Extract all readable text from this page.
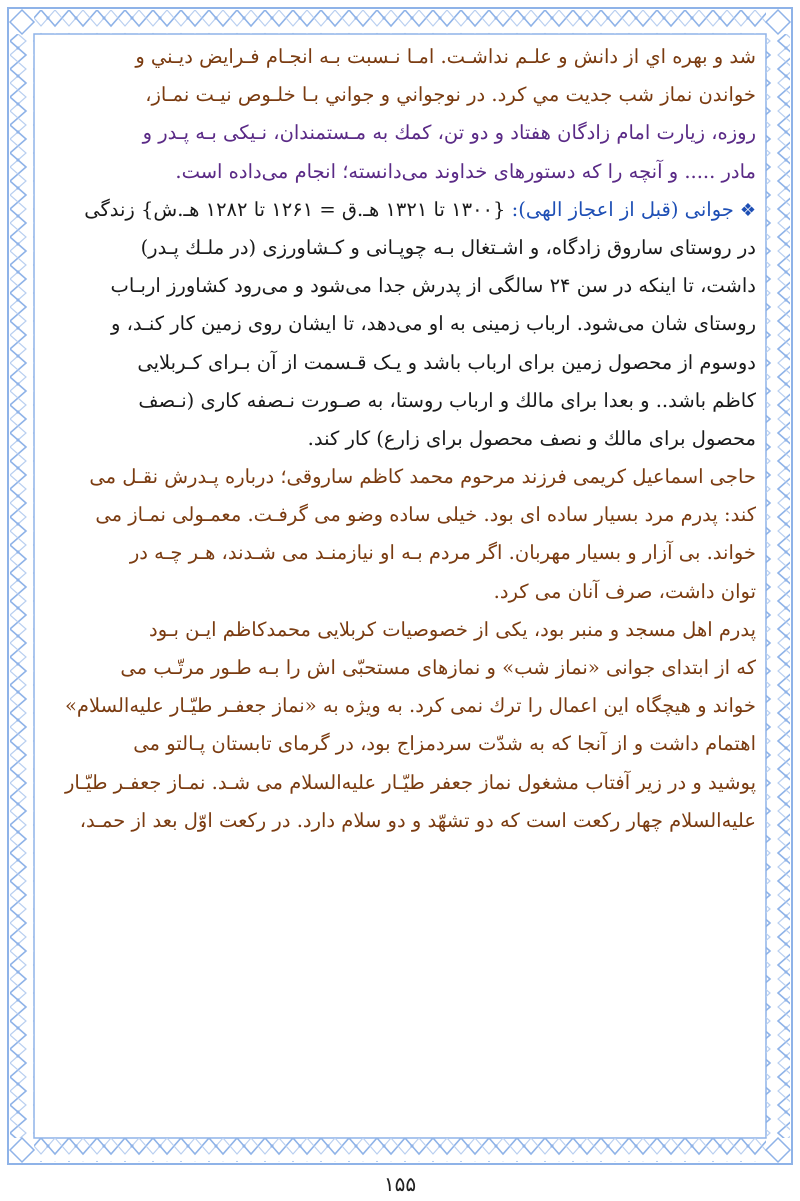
شد و بهره اي از دانش و علـم نداشـت. امـا نـسبت بـه انجـام فـرايض ديـني و
خواندن نماز شب جديت مي كرد. در نوجواني و جواني بـا خلـوص نيـت نمـاز،
روزه، زيارت امام زادگان هفتاد و دو تن، كمك به مـستمندان، نـيكى بـه پـدر و
مادر ..... و آنچه را که دستورهای خداوند می‌دانسته؛ انجام می‌داده است.
❖جوانی (قبل از اعجاز الهی): {۱۳۰۰ تا ۱۳۲۱ هـ.ق = ۱۲۶۱ تا ۱۲۸۲ هـ.ش} زندگی
در روستای ساروق زادگاه، و اشـتغال بـه چوپـانی و كـشاورزی (در ملـك پـدر)
داشت، تا اینکه در سن ۲۴ سالگی از پدرش جدا می‌شود و می‌رود كشاورز اربـاب
روستای شان می‌شود. ارباب زمینی به او می‌دهد، تا ایشان روی زمین كار كنـد، و
دوسوم از محصول زمین برای ارباب باشد و یـک قـسمت از آن بـرای كـربلايى
كاظم باشد.. و بعدا برای مالك و ارباب روستا، به صـورت نـصفه كاری (نـصف
محصول برای مالك و نصف محصول برای زارع) كار كند.
حاجی اسماعیل كریمی فرزند مرحوم محمد كاظم ساروقی؛ درباره پـدرش نقـل مى
كند: پدرم مرد بسيار ساده ای بود. خيلی ساده وضو می گرفـت. معمـولی نمـاز می
خواند. بی آزار و بسيار مهربان. اگر مردم بـه او نيازمنـد مى شـدند، هـر چـه در
توان داشت، صرف آنان مى كرد.
پدرم اهل مسجد و منبر بود، یکی از خصوصيات كربلايى محمدكاظم ايـن بـود
كه از ابتدای جوانی «نماز شب» و نمازهای مستحبّی اش را بـه طـور مرتّـب مى
خواند و هيچگاه اين اعمال را ترك نمی كرد. به ويژه به «نماز جعفـر طيّـار عليه‌السلام»
اهتمام داشت و از آنجا كه به شدّت سردمزاج بود، در گرمای تابستان پـالتو مى
پوشيد و در زير آفتاب مشغول نماز جعفر طيّـار عليه‌السلام مى شـد. نمـاز جعفـر طيّـار
عليه‌السلام چهار ركعت است كه دو تشهّد و دو سلام دارد. در ركعت اوّل بعد از حمـد،
۱۵۵
